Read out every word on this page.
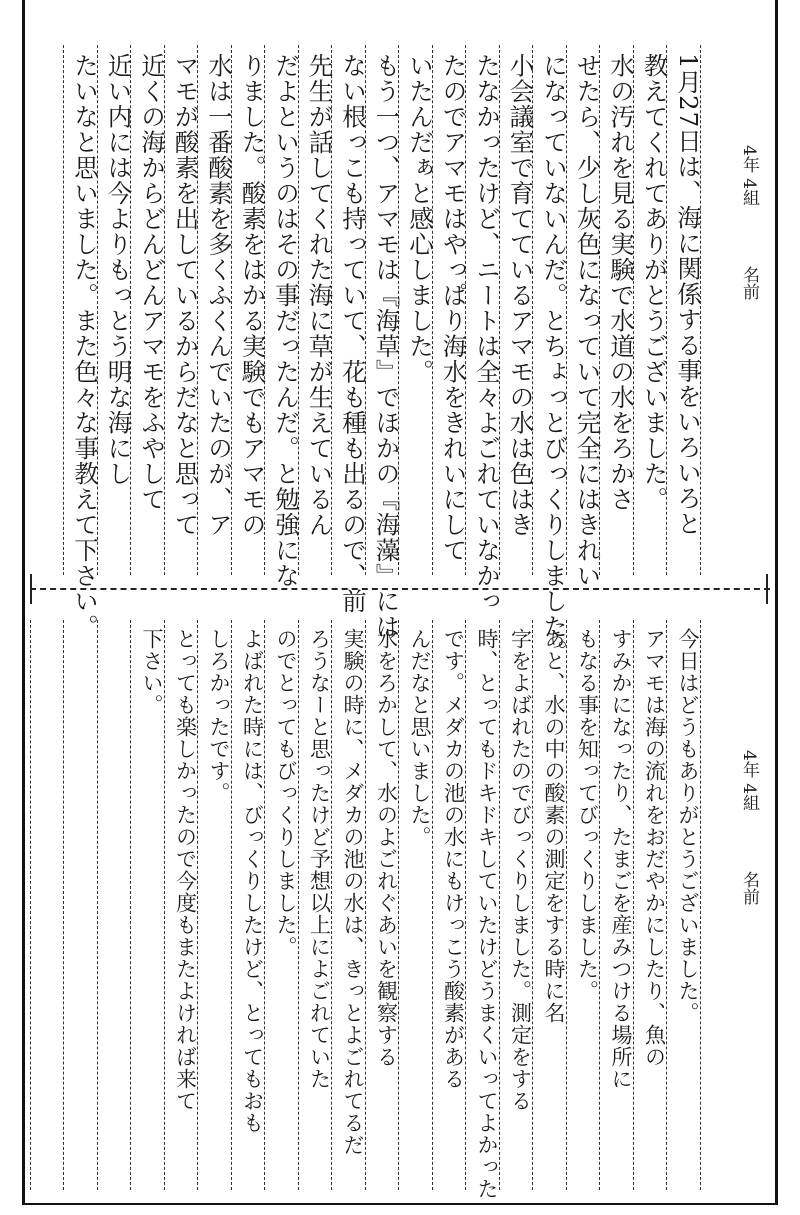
4年 4組名前
1月27日は、海に関係する事をいろいろと
教えてくれてありがとうございました。
水の汚れを見る実験で水道の水をろかさ
せたら、少し灰色になっていて完全にはきれい
になっていないんだ。とちょっとびっくりしました。
小会議室で育てているアマモの水は色はき
たなかったけど、ニートは全々よごれていなかっ
たのでアマモはやっぱり海水をきれいにして
いたんだぁと感心しました。
もう一つ、アマモは『海草』でほかの『海藻』には
ない根っこも持っていて、花も種も出るので、前
先生が話してくれた海に草が生えているん
だよというのはその事だったんだ。と勉強にな
りました。酸素をはかる実験でもアマモの
水は一番酸素を多くふくんでいたのが、ア
マモが酸素を出しているからだなと思って
近くの海からどんどんアマモをふやして
近い内には今よりもっとう明な海にし
たいなと思いました。また色々な事教えて下さい。
4年 4組名前
今日はどうもありがとうございました。
アマモは海の流れをおだやかにしたり、魚の
すみかになったり、たまごを産みつける場所に
もなる事を知ってびっくりしました。
あと、水の中の酸素の測定をする時に名
字をよばれたのでびっくりしました。測定をする
時、とってもドキドキしていたけどうまくいってよかった
です。メダカの池の水にもけっこう酸素がある
んだなと思いました。
水をろかして、水のよごれぐあいを観察する
実験の時に、メダカの池の水は、きっとよごれてるだ
ろうなーと思ったけど予想以上によごれていた
のでとってもびっくりしました。
よばれた時には、びっくりしたけど、とってもおも
しろかったです。
とっても楽しかったので今度もまたよければ来て
下さい。
